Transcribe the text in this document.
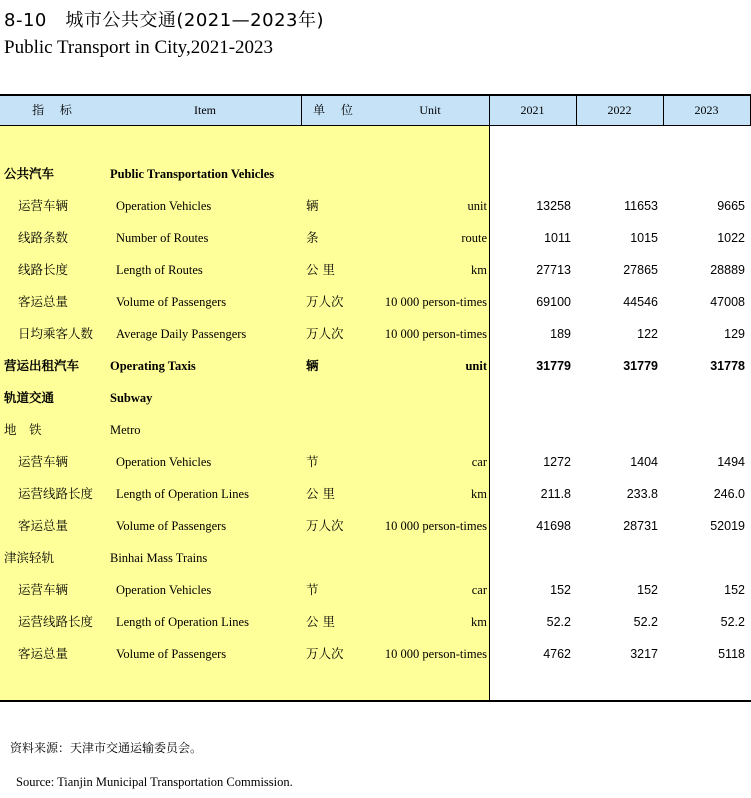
8-10　城市公共交通(2021—2023年)
Public Transport in City,2021-2023
指 标	Item	单 位	Unit	2021	2022	2023
公共汽车	Public Transportation Vehicles
运营车辆	Operation Vehicles	辆	unit	13258	11653	9665
线路条数	Number of Routes	条	route	1011	1015	1022
线路长度	Length of Routes	公 里	km	27713	27865	28889
客运总量	Volume of Passengers	万人次	10 000 person-times	69100	44546	47008
日均乘客人数	Average Daily Passengers	万人次	10 000 person-times	189	122	129
营运出租汽车	Operating Taxis	辆	unit	31779	31779	31778
轨道交通	Subway
地　铁	Metro
运营车辆	Operation Vehicles	节	car	1272	1404	1494
运营线路长度	Length of Operation Lines	公 里	km	211.8	233.8	246.0
客运总量	Volume of Passengers	万人次	10 000 person-times	41698	28731	52019
津滨轻轨	Binhai Mass Trains
运营车辆	Operation Vehicles	节	car	152	152	152
运营线路长度	Length of Operation Lines	公 里	km	52.2	52.2	52.2
客运总量	Volume of Passengers	万人次	10 000 person-times	4762	3217	5118
资料来源：天津市交通运输委员会。
Source: Tianjin Municipal Transportation Commission.
